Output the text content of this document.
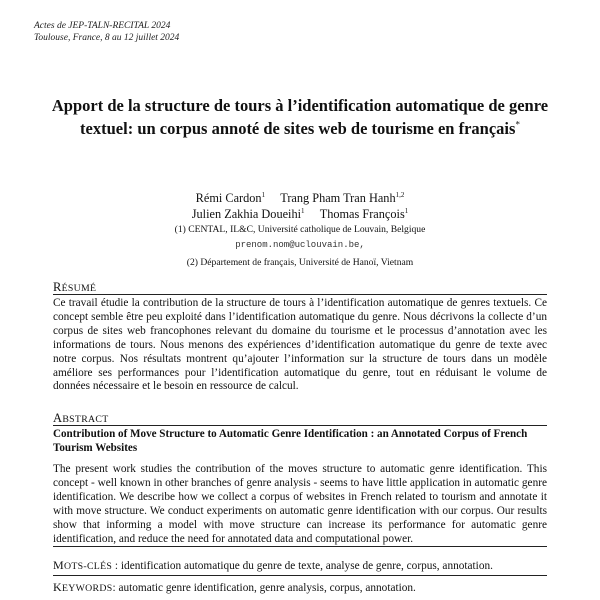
Actes de JEP-TALN-RECITAL 2024
Toulouse, France, 8 au 12 juillet 2024
Apport de la structure de tours à l’identification automatique de genre textuel: un corpus annoté de sites web de tourisme en français*
Rémi Cardon$^1$ Trang Pham Tran Hanh$^{1,2}$
Julien Zakhia Doueihi$^1$ Thomas François$^1$
(1) CENTAL, IL&C, Université catholique de Louvain, Belgique
prenom.nom@uclouvain.be,
(2) Département de français, Université de Hanoï, Vietnam
RÉSUMÉ
Ce travail étudie la contribution de la structure de tours à l’identification automatique de genres textuels. Ce concept semble être peu exploité dans l’identification automatique du genre. Nous décrivons la collecte d’un corpus de sites web francophones relevant du domaine du tourisme et le processus d’annotation avec les informations de tours. Nous menons des expériences d’identification automatique du genre de texte avec notre corpus. Nos résultats montrent qu’ajouter l’information sur la structure de tours dans un modèle améliore ses performances pour l’identification automatique du genre, tout en réduisant le volume de données nécessaire et le besoin en ressource de calcul.
ABSTRACT
Contribution of Move Structure to Automatic Genre Identification : an Annotated Corpus of French Tourism Websites
The present work studies the contribution of the moves structure to automatic genre identification. This concept - well known in other branches of genre analysis - seems to have little application in automatic genre identification. We describe how we collect a corpus of websites in French related to tourism and annotate it with move structure. We conduct experiments on automatic genre identification with our corpus. Our results show that informing a model with move structure can increase its performance for automatic genre identification, and reduce the need for annotated data and computational power.
MOTS-CLÉS : identification automatique du genre de texte, analyse de genre, corpus, annotation.
KEYWORDS: automatic genre identification, genre analysis, corpus, annotation.
